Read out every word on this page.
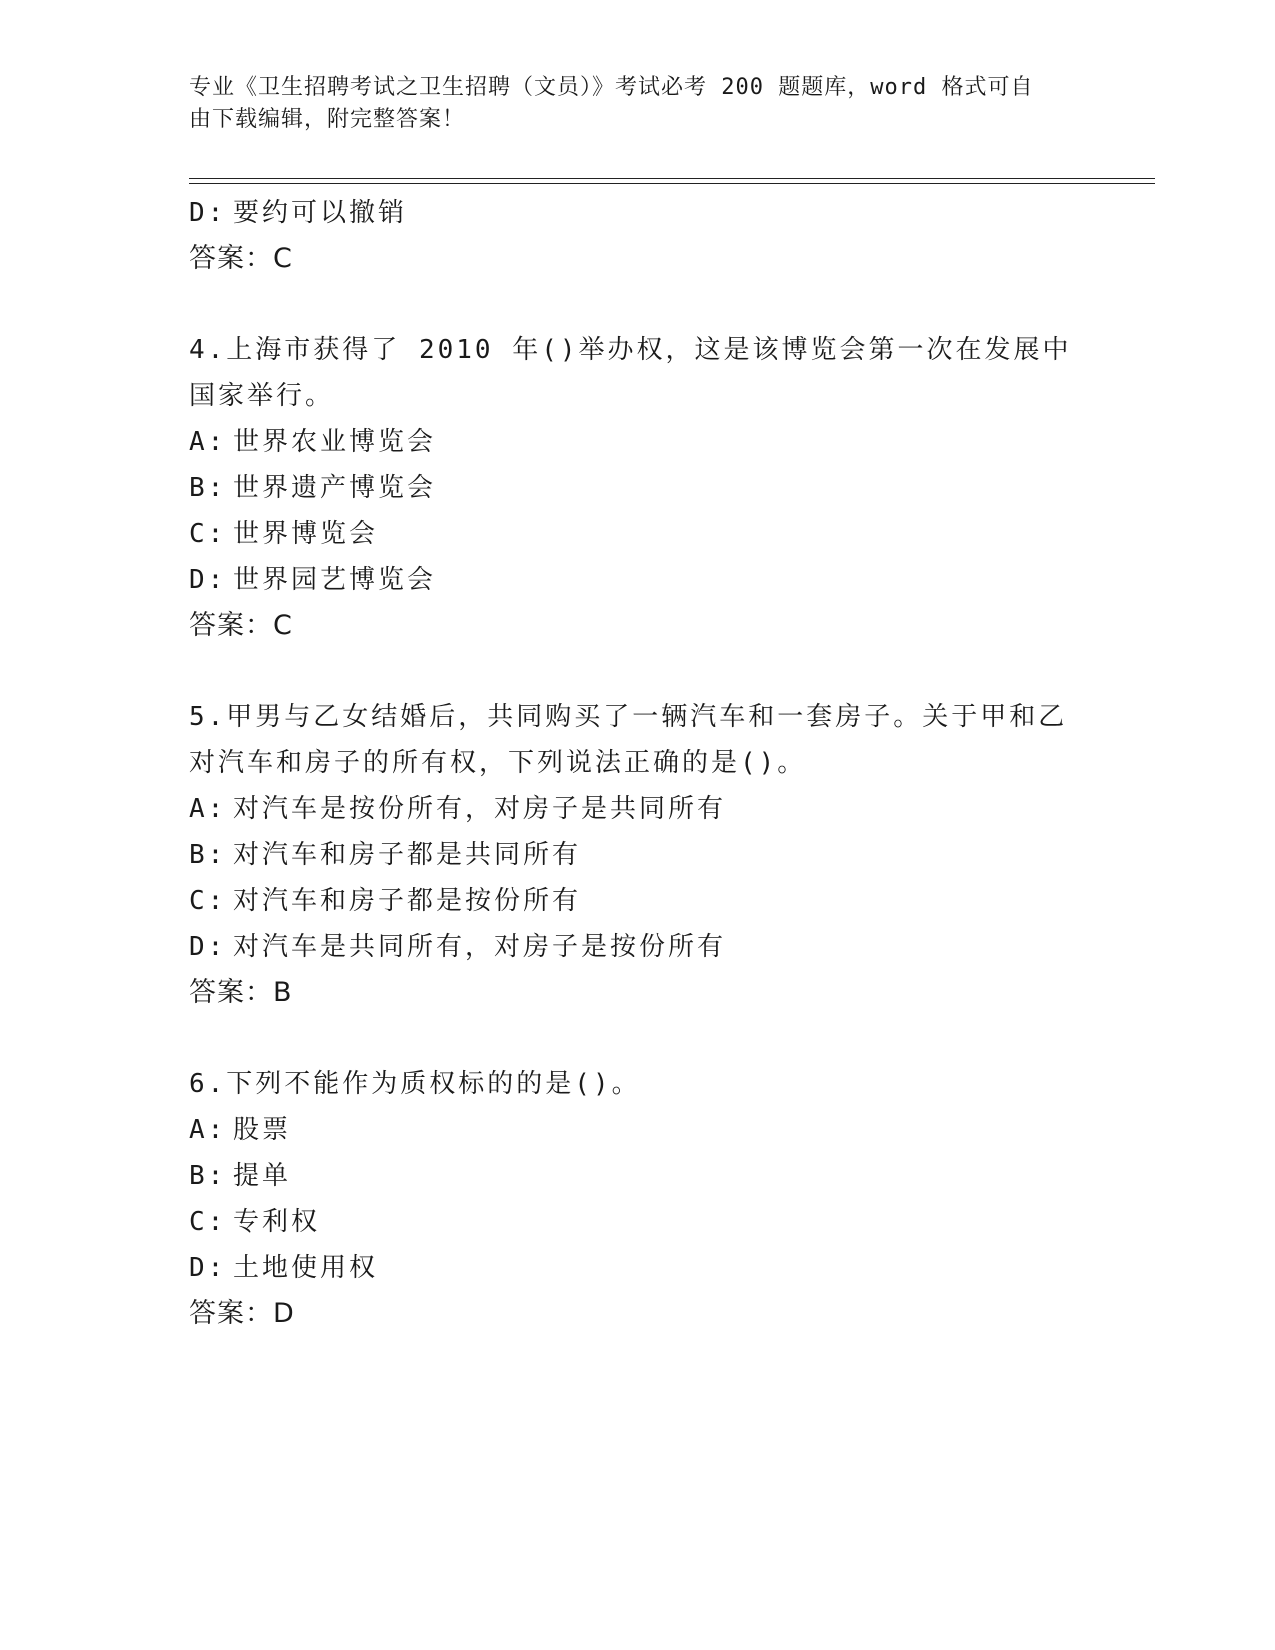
专业《卫生招聘考试之卫生招聘（文员）》考试必考 200 题题库，word 格式可自
由下载编辑，附完整答案！
D: 要约可以撤销
答案：C
4.上海市获得了 2010 年()举办权，这是该博览会第一次在发展中国家举行。
A: 世界农业博览会
B: 世界遗产博览会
C: 世界博览会
D: 世界园艺博览会
答案：C
5.甲男与乙女结婚后，共同购买了一辆汽车和一套房子。关于甲和乙对汽车和房子的所有权，下列说法正确的是()。
A: 对汽车是按份所有，对房子是共同所有
B: 对汽车和房子都是共同所有
C: 对汽车和房子都是按份所有
D: 对汽车是共同所有，对房子是按份所有
答案：B
6.下列不能作为质权标的的是()。
A: 股票
B: 提单
C: 专利权
D: 土地使用权
答案：D
